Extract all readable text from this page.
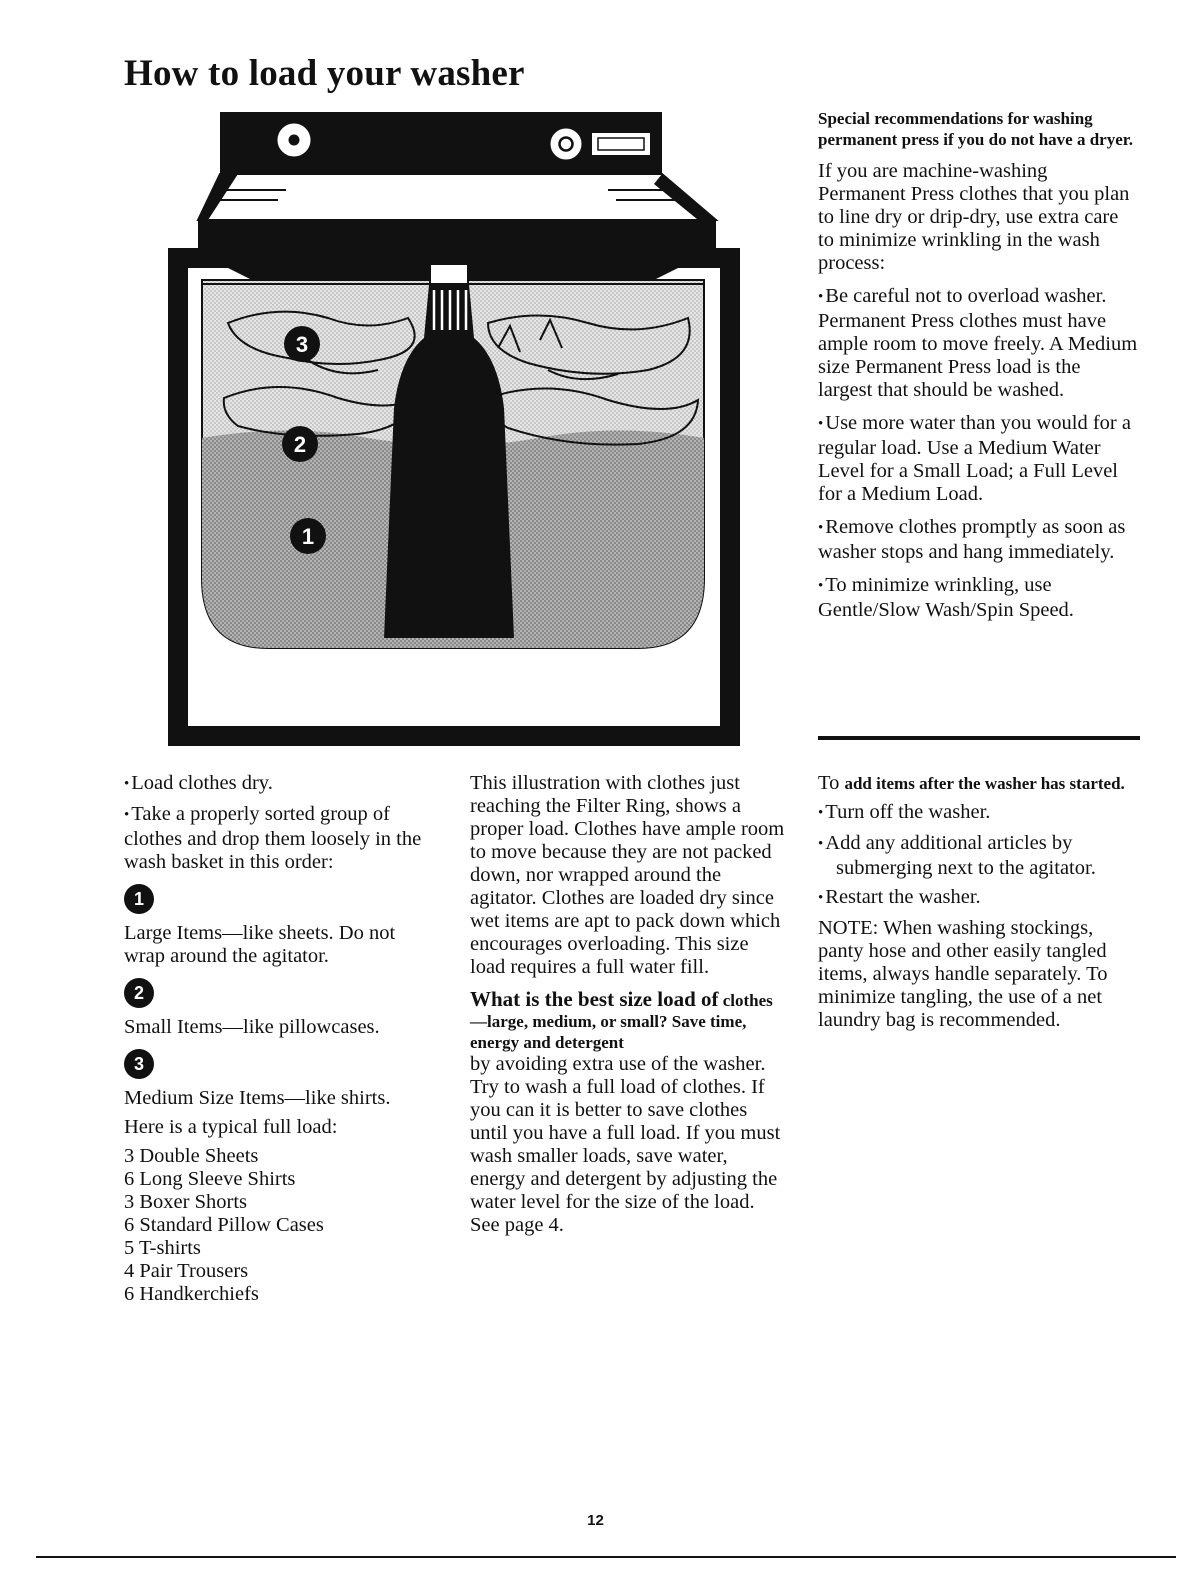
How to load your washer
3
2
1

Special recommendations for washing permanent press if you do not have a dryer.

If you are machine-washing Permanent Press clothes that you plan to line dry or drip-dry, use extra care to minimize wrinkling in the wash process:

• Be careful not to overload washer. Permanent Press clothes must have ample room to move freely. A Medium size Permanent Press load is the largest that should be washed.

• Use more water than you would for a regular load. Use a Medium Water Level for a Small Load; a Full Level for a Medium Load.

• Remove clothes promptly as soon as washer stops and hang immediately.

• To minimize wrinkling, use Gentle/Slow Wash/Spin Speed.

• Load clothes dry.

• Take a properly sorted group of clothes and drop them loosely in the wash basket in this order:

1

Large Items—like sheets. Do not wrap around the agitator.

2

Small Items—like pillowcases.

3

Medium Size Items—like shirts.

Here is a typical full load:

3 Double Sheets
6 Long Sleeve Shirts
3 Boxer Shorts
6 Standard Pillow Cases
5 T-shirts
4 Pair Trousers
6 Handkerchiefs

This illustration with clothes just reaching the Filter Ring, shows a proper load. Clothes have ample room to move because they are not packed down, nor wrapped around the agitator. Clothes are loaded dry since wet items are apt to pack down which encourages overloading. This size load requires a full water fill.

What is the best size load of clothes—large, medium, or small? Save time, energy and detergent

by avoiding extra use of the washer. Try to wash a full load of clothes. If you can it is better to save clothes until you have a full load. If you must wash smaller loads, save water, energy and detergent by adjusting the water level for the size of the load. See page 4.

To add items after the washer has started.

• Turn off the washer.

• Add any additional articles by submerging next to the agitator.

• Restart the washer.

NOTE: When washing stockings, panty hose and other easily tangled items, always handle separately. To minimize tangling, the use of a net laundry bag is recommended.

12
